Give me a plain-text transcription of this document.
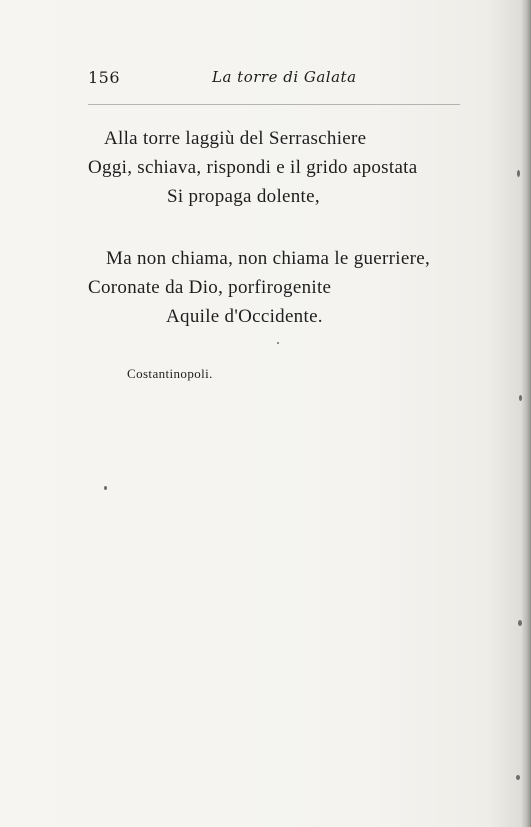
156	La torre di Galata
Alla torre laggiù del Serraschiere
Oggi, schiava, rispondi e il grido apostata
Si propaga dolente,
Ma non chiama, non chiama le guerriere,
Coronate da Dio, porfirogenite
Aquile d'Occidente.
Costantinopoli.
